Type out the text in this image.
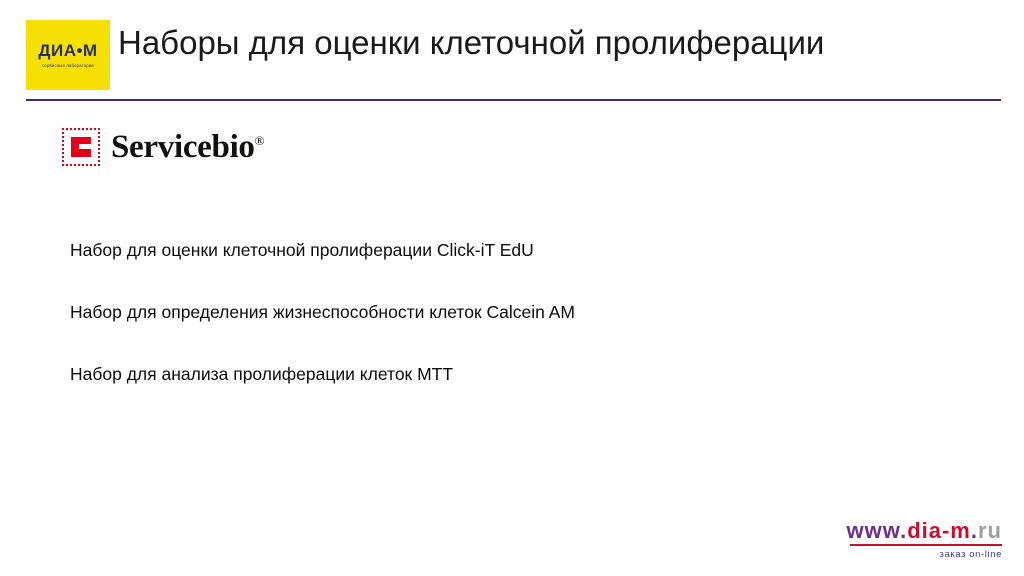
ДИА•М
сервисные лаборатории
Наборы для оценки клеточной пролиферации
Servicebio®
Набор для оценки клеточной пролиферации Click-iT EdU
Набор для определения жизнеспособности клеток Calcein AM
Набор для анализа пролиферации клеток MTT
www.dia-m.ru
заказ on-line
